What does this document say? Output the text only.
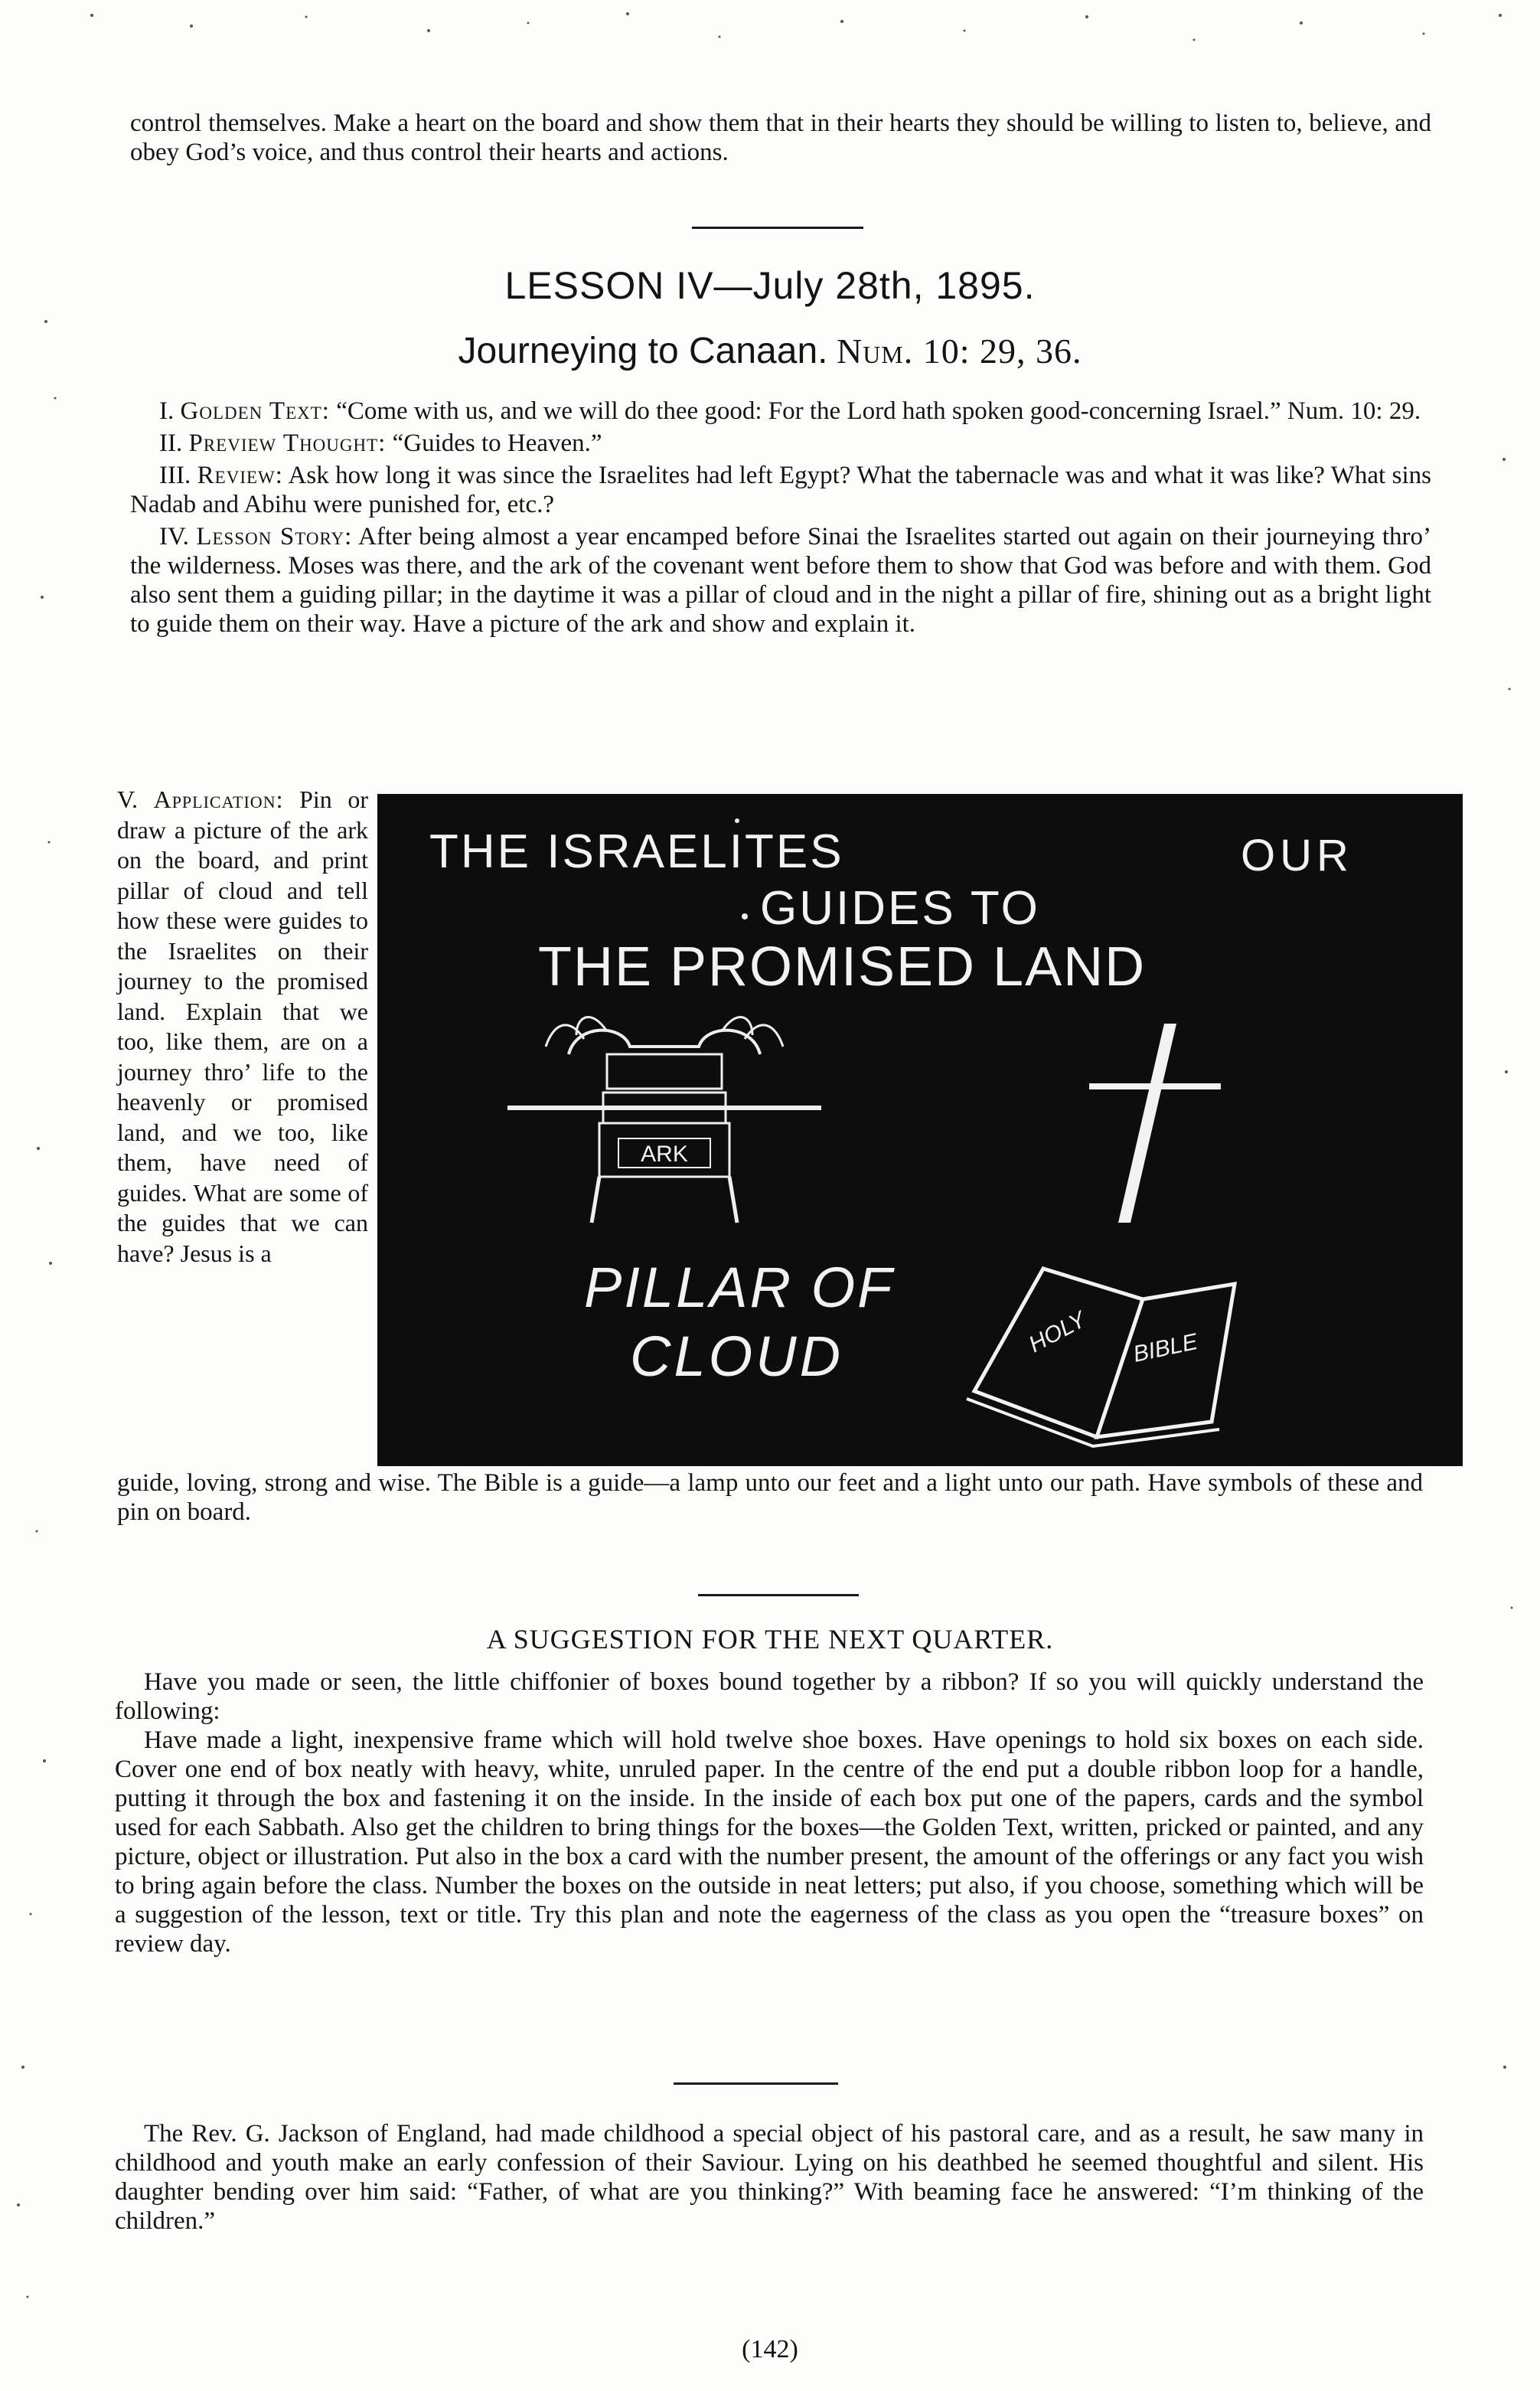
control themselves. Make a heart on the board and show them that in their hearts they should be willing to listen to, believe, and obey God’s voice, and thus control their hearts and actions.
LESSON IV—July 28th, 1895.
Journeying to Canaan. Num. 10: 29, 36.
I. Golden Text: “Come with us, and we will do thee good: For the Lord hath spoken good-concerning Israel.” Num. 10: 29.
II. Preview Thought: “Guides to Heaven.”
III. Review: Ask how long it was since the Israelites had left Egypt? What the tabernacle was and what it was like? What sins Nadab and Abihu were punished for, etc.?
IV. Lesson Story: After being almost a year encamped before Sinai the Israelites started out again on their journeying thro’ the wilderness. Moses was there, and the ark of the covenant went before them to show that God was before and with them. God also sent them a guiding pillar; in the daytime it was a pillar of cloud and in the night a pillar of fire, shining out as a bright light to guide them on their way. Have a picture of the ark and show and explain it.
V. Application: Pin or draw a picture of the ark on the board, and print pillar of cloud and tell how these were guides to the Israelites on their journey to the promised land. Explain that we too, like them, are on a journey thro’ life to the heavenly or promised land, and we too, like them, have need of guides. What are some of the guides that we can have? Jesus is a
THE ISRAELITES	OUR
GUIDES TO
THE PROMISED LAND
PILLAR OF
CLOUD
ARK
HOLY BIBLE
guide, loving, strong and wise. The Bible is a guide—a lamp unto our feet and a light unto our path. Have symbols of these and pin on board.
A SUGGESTION FOR THE NEXT QUARTER.
Have you made or seen, the little chiffonier of boxes bound together by a ribbon? If so you will quickly understand the following:
Have made a light, inexpensive frame which will hold twelve shoe boxes. Have openings to hold six boxes on each side. Cover one end of box neatly with heavy, white, unruled paper. In the centre of the end put a double ribbon loop for a handle, putting it through the box and fastening it on the inside. In the inside of each box put one of the papers, cards and the symbol used for each Sabbath. Also get the children to bring things for the boxes—the Golden Text, written, pricked or painted, and any picture, object or illustration. Put also in the box a card with the number present, the amount of the offerings or any fact you wish to bring again before the class. Number the boxes on the outside in neat letters; put also, if you choose, something which will be a suggestion of the lesson, text or title. Try this plan and note the eagerness of the class as you open the “treasure boxes” on review day.
The Rev. G. Jackson of England, had made childhood a special object of his pastoral care, and as a result, he saw many in childhood and youth make an early confession of their Saviour. Lying on his deathbed he seemed thoughtful and silent. His daughter bending over him said: “Father, of what are you thinking?” With beaming face he answered: “I’m thinking of the children.”
(142)
